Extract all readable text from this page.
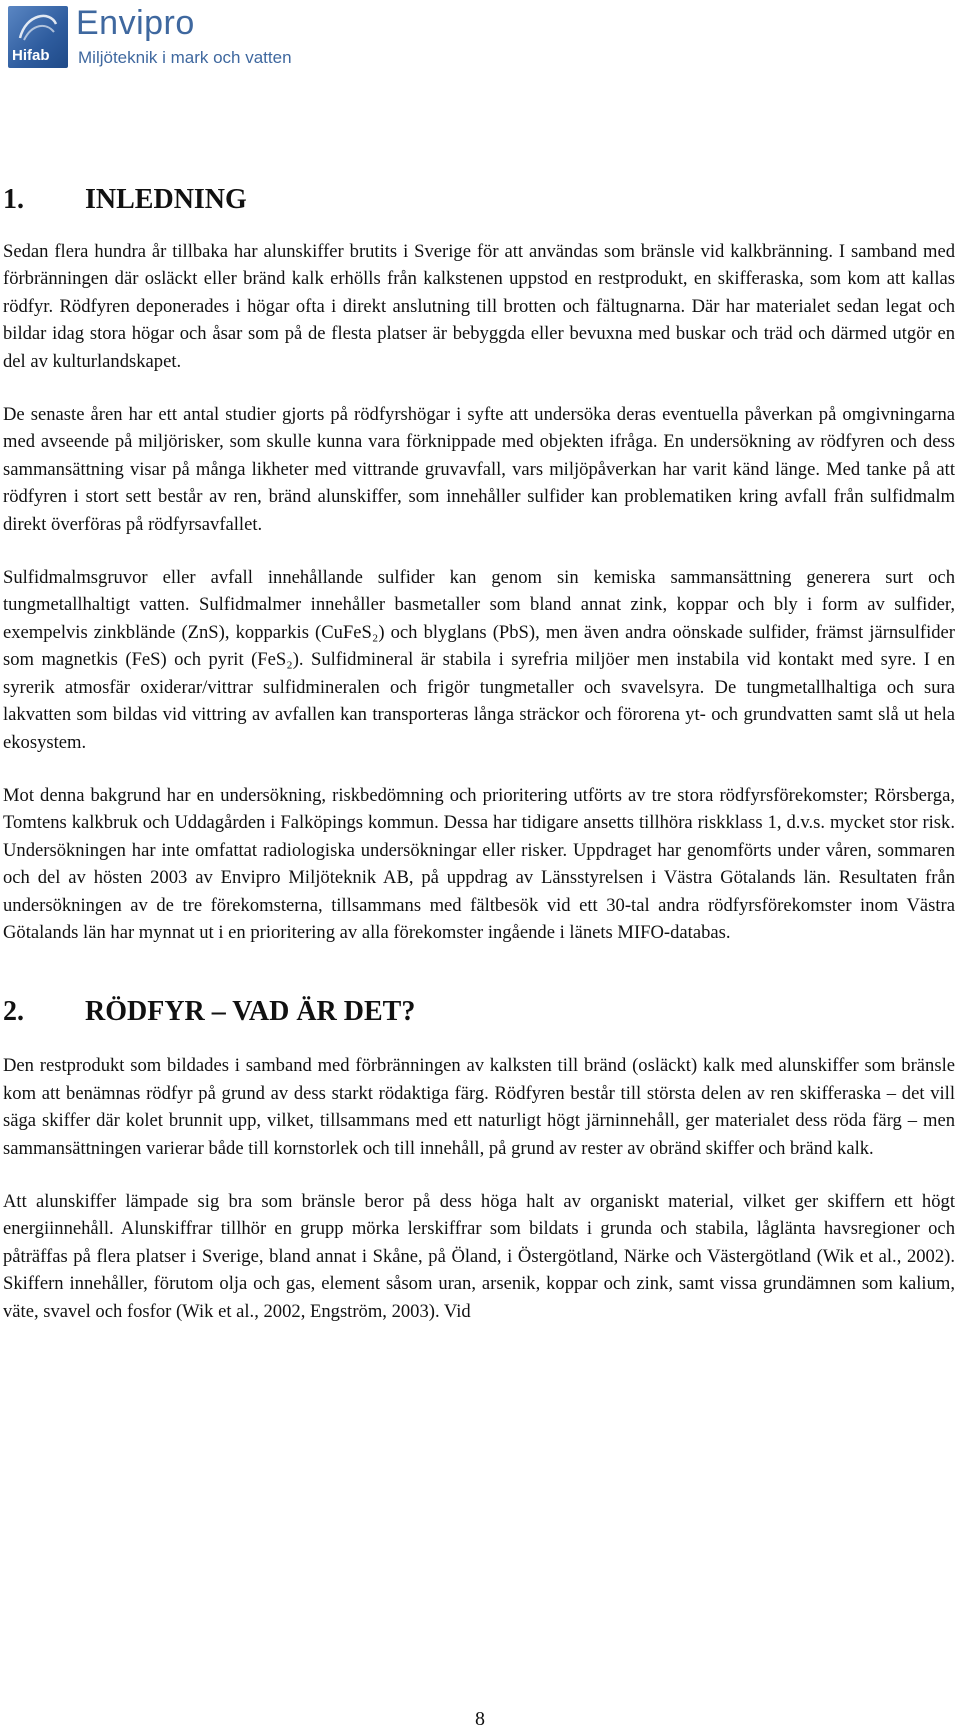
Hifab
Envipro
Miljöteknik i mark och vatten
1.	INLEDNING

Sedan flera hundra år tillbaka har alunskiffer brutits i Sverige för att användas som bränsle vid kalkbränning. I samband med förbränningen där osläckt eller bränd kalk erhölls från kalkstenen uppstod en restprodukt, en skifferaska, som kom att kallas rödfyr. Rödfyren deponerades i högar ofta i direkt anslutning till brotten och fältugnarna. Där har materialet sedan legat och bildar idag stora högar och åsar som på de flesta platser är bebyggda eller bevuxna med buskar och träd och därmed utgör en del av kulturlandskapet.

De senaste åren har ett antal studier gjorts på rödfyrshögar i syfte att undersöka deras eventuella påverkan på omgivningarna med avseende på miljörisker, som skulle kunna vara förknippade med objekten ifråga. En undersökning av rödfyren och dess sammansättning visar på många likheter med vittrande gruvavfall, vars miljöpåverkan har varit känd länge. Med tanke på att rödfyren i stort sett består av ren, bränd alunskiffer, som innehåller sulfider kan problematiken kring avfall från sulfidmalm direkt överföras på rödfyrsavfallet.

Sulfidmalmsgruvor eller avfall innehållande sulfider kan genom sin kemiska sammansättning generera surt och tungmetallhaltigt vatten. Sulfidmalmer innehåller basmetaller som bland annat zink, koppar och bly i form av sulfider, exempelvis zinkblände (ZnS), kopparkis (CuFeS₂) och blyglans (PbS), men även andra oönskade sulfider, främst järnsulfider som magnetkis (FeS) och pyrit (FeS₂). Sulfidmineral är stabila i syrefria miljöer men instabila vid kontakt med syre. I en syrerik atmosfär oxiderar/vittrar sulfidmineralen och frigör tungmetaller och svavelsyra. De tungmetallhaltiga och sura lakvatten som bildas vid vittring av avfallen kan transporteras långa sträckor och förorena yt- och grundvatten samt slå ut hela ekosystem.

Mot denna bakgrund har en undersökning, riskbedömning och prioritering utförts av tre stora rödfyrsförekomster; Rörsberga, Tomtens kalkbruk och Uddagården i Falköpings kommun. Dessa har tidigare ansetts tillhöra riskklass 1, d.v.s. mycket stor risk. Undersökningen har inte omfattat radiologiska undersökningar eller risker. Uppdraget har genomförts under våren, sommaren och del av hösten 2003 av Envipro Miljöteknik AB, på uppdrag av Länsstyrelsen i Västra Götalands län. Resultaten från undersökningen av de tre förekomsterna, tillsammans med fältbesök vid ett 30-tal andra rödfyrsförekomster inom Västra Götalands län har mynnat ut i en prioritering av alla förekomster ingående i länets MIFO-databas.

2.	RÖDFYR – VAD ÄR DET?

Den restprodukt som bildades i samband med förbränningen av kalksten till bränd (osläckt) kalk med alunskiffer som bränsle kom att benämnas rödfyr på grund av dess starkt rödaktiga färg. Rödfyren består till största delen av ren skifferaska – det vill säga skiffer där kolet brunnit upp, vilket, tillsammans med ett naturligt högt järninnehåll, ger materialet dess röda färg – men sammansättningen varierar både till kornstorlek och till innehåll, på grund av rester av obränd skiffer och bränd kalk.

Att alunskiffer lämpade sig bra som bränsle beror på dess höga halt av organiskt material, vilket ger skiffern ett högt energiinnehåll. Alunskiffrar tillhör en grupp mörka lerskiffrar som bildats i grunda och stabila, låglänta havsregioner och påträffas på flera platser i Sverige, bland annat i Skåne, på Öland, i Östergötland, Närke och Västergötland (Wik et al., 2002). Skiffern innehåller, förutom olja och gas, element såsom uran, arsenik, koppar och zink, samt vissa grundämnen som kalium, väte, svavel och fosfor (Wik et al., 2002, Engström, 2003). Vid

8
